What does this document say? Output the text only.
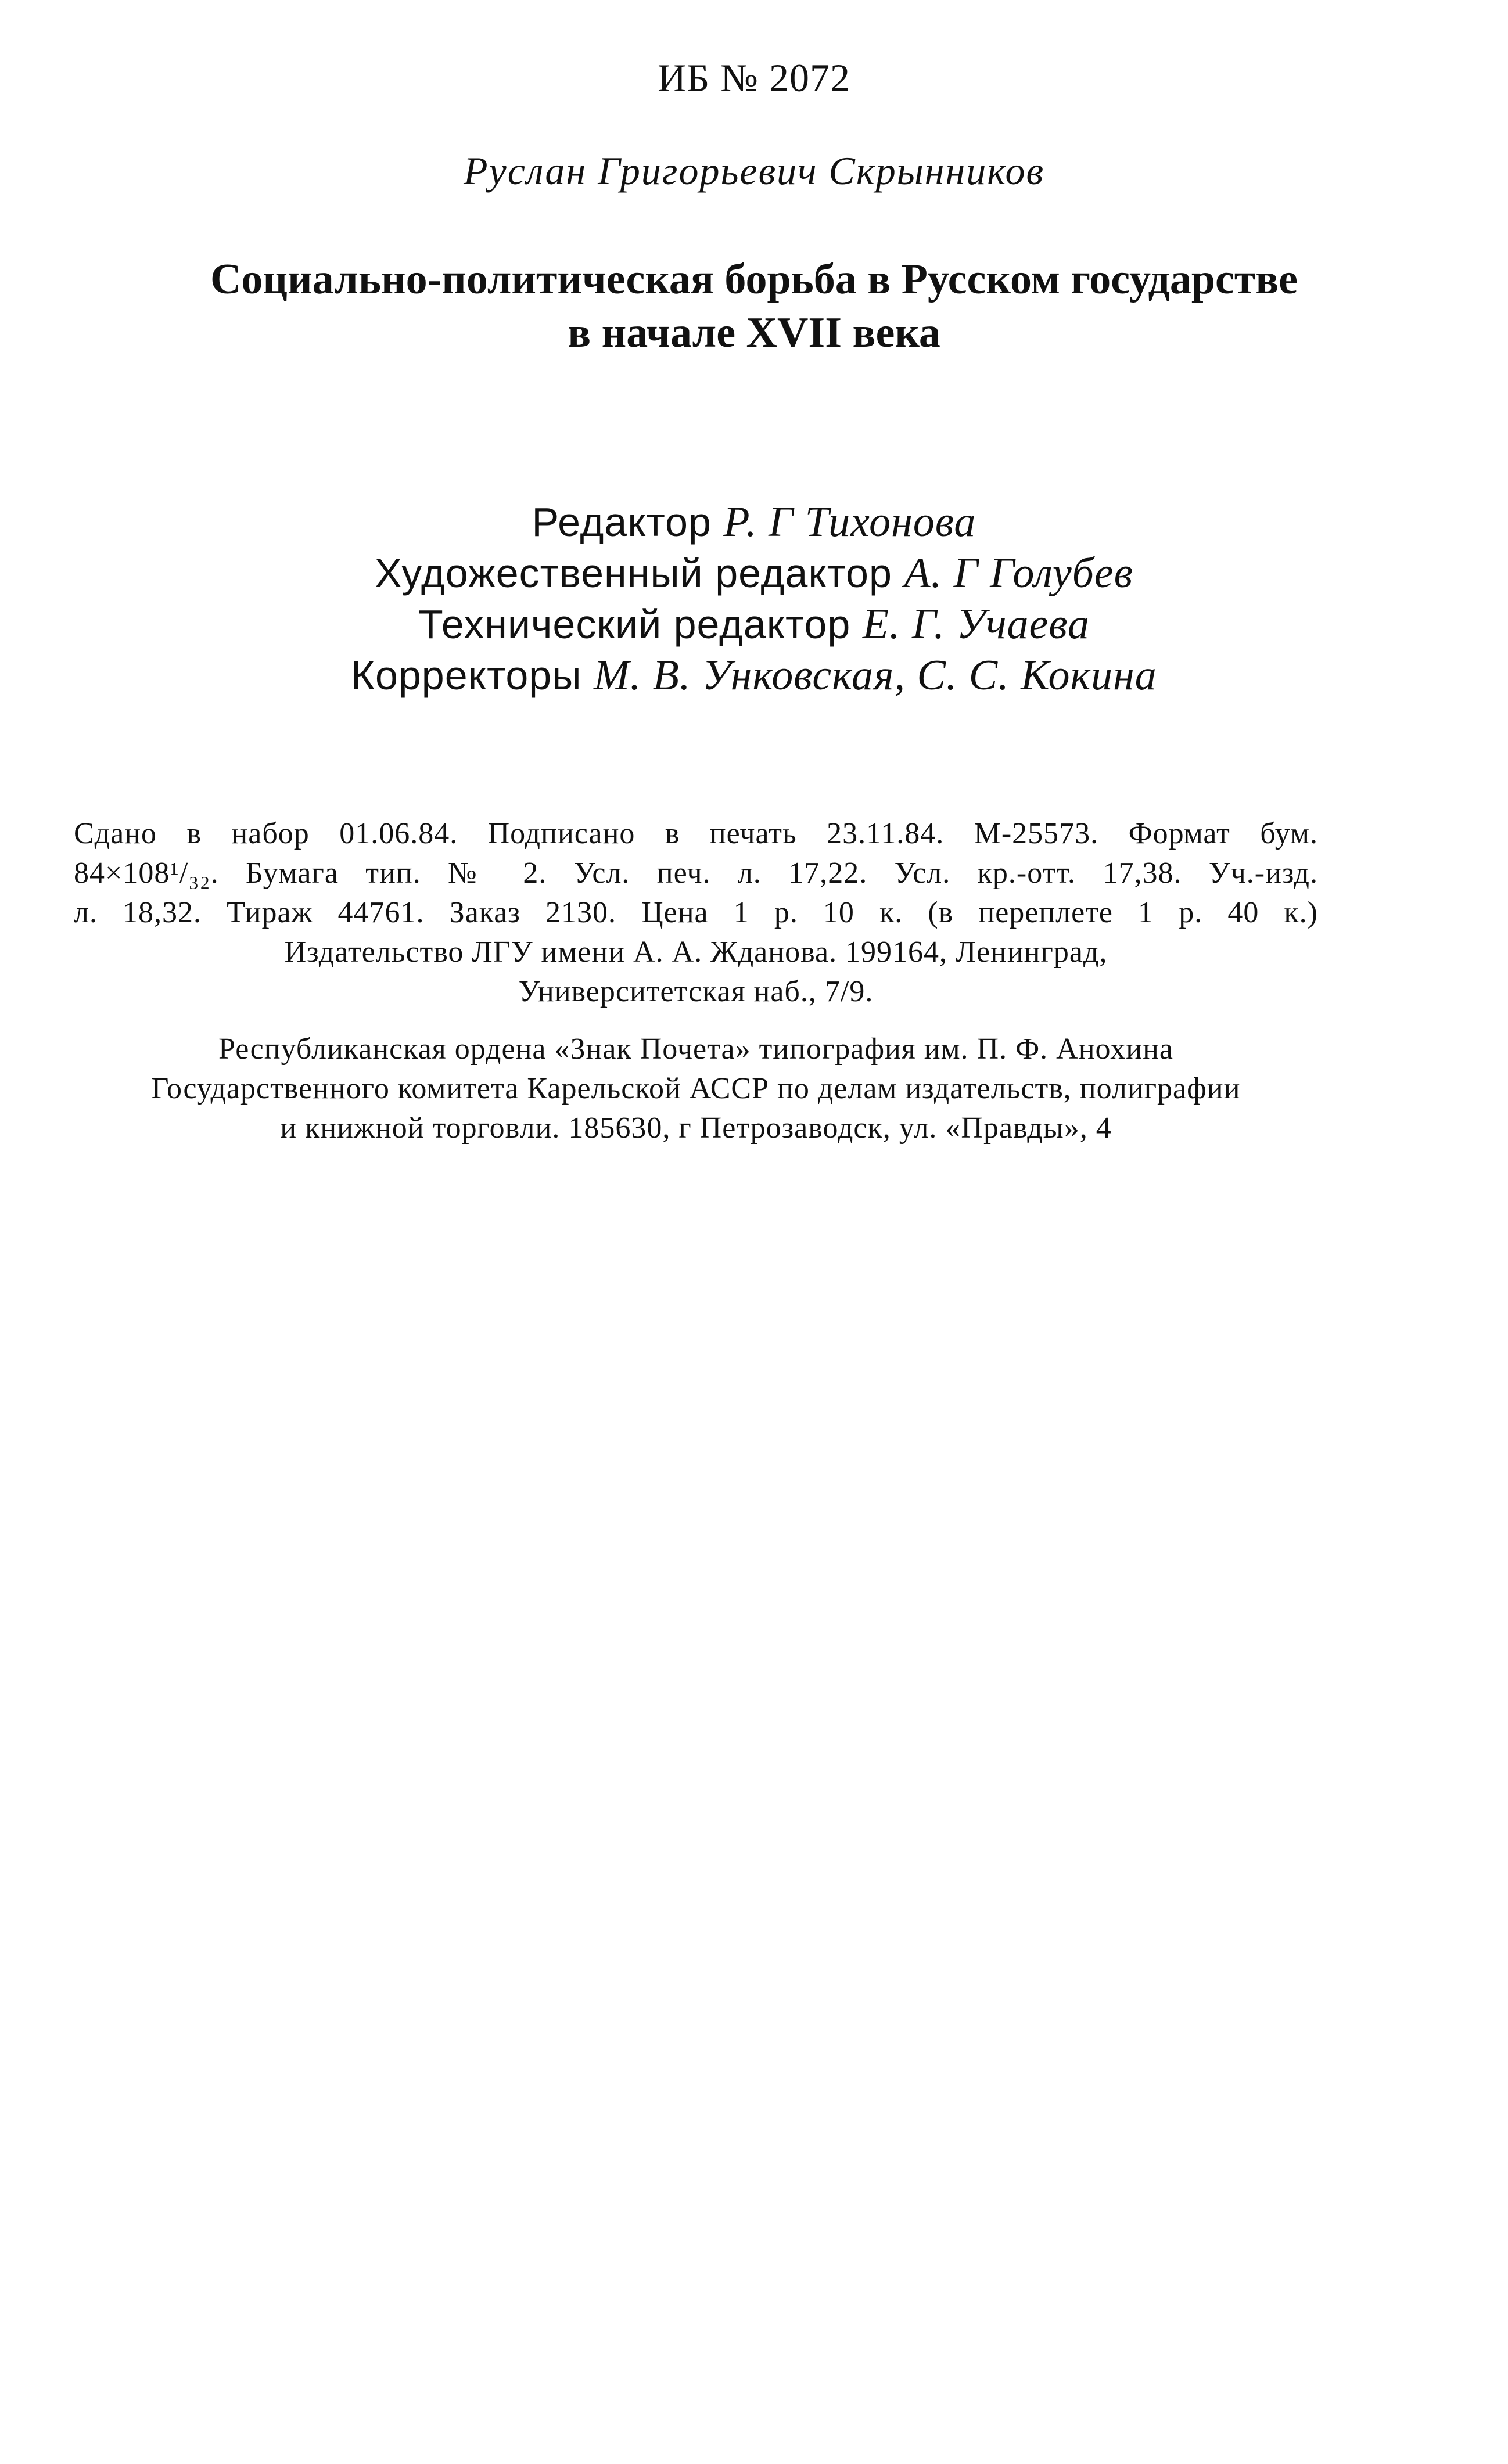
ИБ № 2072
Руслан Григорьевич Скрынников
Социально-политическая борьба в Русском государстве
в начале XVII века
Редактор Р. Г Тихонова
Художественный редактор А. Г Голубев
Технический редактор Е. Г. Учаева
Корректоры М. В. Унковская, С. С. Кокина
Сдано в набор 01.06.84. Подписано в печать 23.11.84. М-25573. Формат бум.
84×108¹/₃₂. Бумага тип. № 2. Усл. печ. л. 17,22. Усл. кр.-отт. 17,38. Уч.-изд.
л. 18,32. Тираж 44761. Заказ 2130. Цена 1 р. 10 к. (в переплете 1 р. 40 к.)
Издательство ЛГУ имени А. А. Жданова. 199164, Ленинград,
Университетская наб., 7/9.
Республиканская ордена «Знак Почета» типография им. П. Ф. Анохина
Государственного комитета Карельской АССР по делам издательств, полиграфии
и книжной торговли. 185630, г Петрозаводск, ул. «Правды», 4
